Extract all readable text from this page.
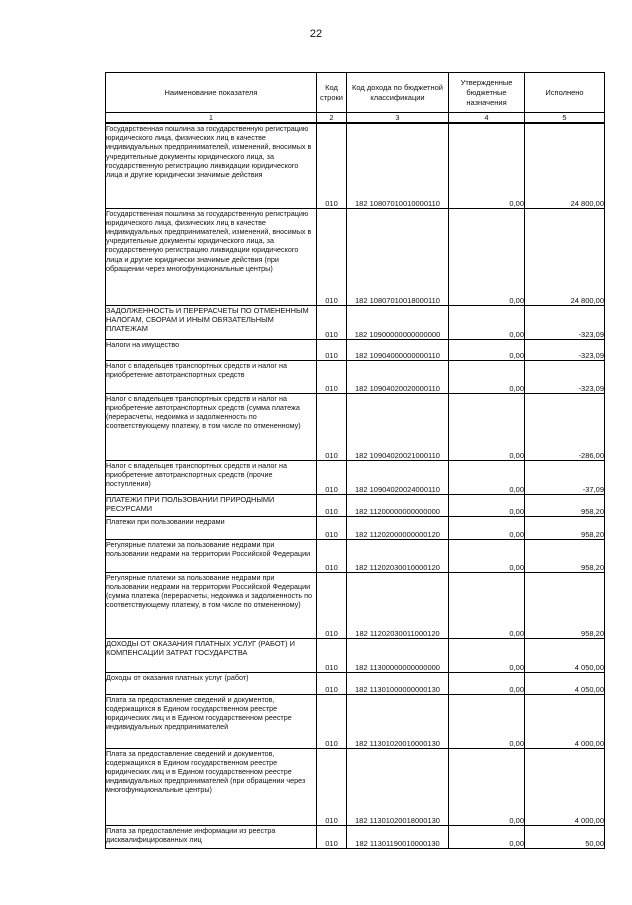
22
Наименование показателя	Код строки	Код дохода по бюджетной классификации	Утвержденные бюджетные назначения	Исполнено
1	2	3	4	5
Государственная пошлина за государственную регистрацию юридического лица, физических лиц в качестве индивидуальных предпринимателей, изменений, вносимых в учредительные документы юридического лица, за государственную регистрацию ликвидации юридического лица и другие юридически значимые действия	010	182 10807010010000110	0,00	24 800,00
Государственная пошлина за государственную регистрацию юридического лица, физических лиц в качестве индивидуальных предпринимателей, изменений, вносимых в учредительные документы юридического лица, за государственную регистрацию ликвидации юридического лица и другие юридически значимые действия (при обращении через многофункциональные центры)	010	182 10807010018000110	0,00	24 800,00
ЗАДОЛЖЕННОСТЬ И ПЕРЕРАСЧЕТЫ ПО ОТМЕНЕННЫМ НАЛОГАМ, СБОРАМ И ИНЫМ ОБЯЗАТЕЛЬНЫМ ПЛАТЕЖАМ	010	182 10900000000000000	0,00	-323,09
Налоги на имущество	010	182 10904000000000110	0,00	-323,09
Налог с владельцев транспортных средств и налог на приобретение автотранспортных средств	010	182 10904020020000110	0,00	-323,09
Налог с владельцев транспортных средств и налог на приобретение автотранспортных средств (сумма платежа (перерасчеты, недоимка и задолженность по соответствующему платежу, в том числе по отмененному)	010	182 10904020021000110	0,00	-286,00
Налог с владельцев транспортных средств и налог на приобретение автотранспортных средств (прочие поступления)	010	182 10904020024000110	0,00	-37,09
ПЛАТЕЖИ ПРИ ПОЛЬЗОВАНИИ ПРИРОДНЫМИ РЕСУРСАМИ	010	182 11200000000000000	0,00	958,20
Платежи при пользовании недрами	010	182 11202000000000120	0,00	958,20
Регулярные платежи за пользование недрами при пользовании недрами на территории Российской Федерации	010	182 11202030010000120	0,00	958,20
Регулярные платежи за пользование недрами при пользовании недрами на территории Российской Федерации (сумма платежа (перерасчеты, недоимка и задолженность по соответствующему платежу, в том числе по отмененному)	010	182 11202030011000120	0,00	958,20
ДОХОДЫ ОТ ОКАЗАНИЯ ПЛАТНЫХ УСЛУГ (РАБОТ) И КОМПЕНСАЦИИ ЗАТРАТ ГОСУДАРСТВА	010	182 11300000000000000	0,00	4 050,00
Доходы от оказания платных услуг (работ)	010	182 11301000000000130	0,00	4 050,00
Плата за предоставление сведений и документов, содержащихся в Едином государственном реестре юридических лиц и в Едином государственном реестре индивидуальных предпринимателей	010	182 11301020010000130	0,00	4 000,00
Плата за предоставление сведений и документов, содержащихся в Едином государственном реестре юридических лиц и в Едином государственном реестре индивидуальных предпринимателей (при обращении через многофункциональные центры)	010	182 11301020018000130	0,00	4 000,00
Плата за предоставление информации из реестра дисквалифицированных лиц	010	182 11301190010000130	0,00	50,00
